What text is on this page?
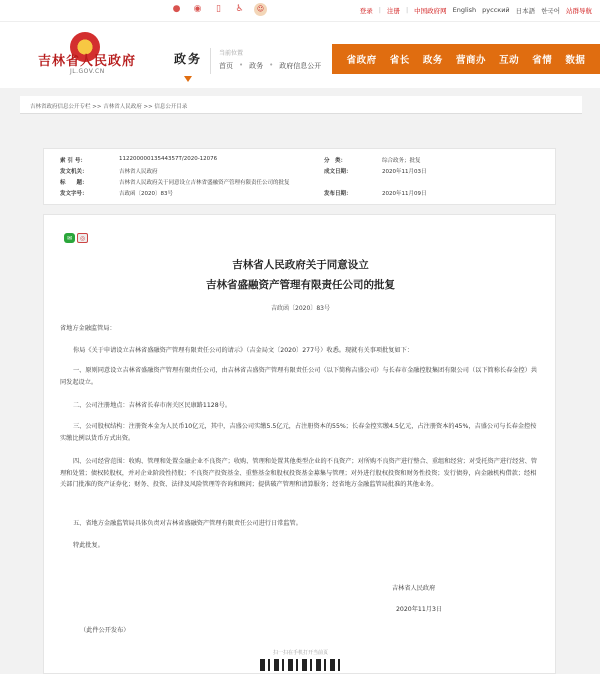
● ◉	▯	♿	☺	登录 | 注册 | 中国政府网 English русский 日本語 한국어 站群导航
吉林省人民政府
JL.GOV.CN
政务	当前位置
首页 • 政务 • 政府信息公开	省政府 省长 政务 营商办 互动 省情 数据
吉林省政府信息公开专栏 >> 吉林省人民政府 >> 信息公开目录
索 引 号：	11220000013544357T/2020-12076	分　类：	综合政务；批复
发文机关：	吉林省人民政府	成文日期：	2020年11月03日
标　　题：	吉林省人民政府关于同意设立吉林省盛融资产管理有限责任公司的批复
发文字号：	吉政函〔2020〕83号	发布日期：	2020年11月09日
✉	◎
吉林省人民政府关于同意设立
吉林省盛融资产管理有限责任公司的批复
吉政函〔2020〕83号
省地方金融监管局：
你局《关于申请设立吉林省盛融资产管理有限责任公司的请示》（吉金局文〔2020〕277号）收悉。现就有关事项批复如下：
一、原则同意设立吉林省盛融资产管理有限责任公司，由吉林省吉盛资产管理有限责任公司（以下简称吉盛公司）与长春市金融控股集团有限公司（以下简称长春金控）共同发起设立。
二、公司注册地点：吉林省长春市南关区民康路1128号。
三、公司股权结构：注册资本金为人民币10亿元，其中，吉盛公司实缴5.5亿元，占注册资本的55%；长春金控实缴4.5亿元，占注册资本的45%，吉盛公司与长春金控按实缴比例以货币方式出资。
四、公司经营范围：收购、管理和处置金融企业不良资产；收购、管理和处置其他类型企业的不良资产；对所购不良资产进行整合、重组和经营；对受托资产进行经营、管理和处置；债权转股权，并对企业阶段性持股；不良资产投资基金、重整基金和股权投资基金募集与管理；对外进行股权投资和财务性投资；发行债券，向金融机构借款；经相关部门批准的资产证券化；财务、投资、法律及风险管理等咨询和顾问；提供破产管理和清算服务；经省地方金融监管局批准的其他业务。
五、省地方金融监管局具体负责对吉林省盛融资产管理有限责任公司进行日常监管。
特此批复。
吉林省人民政府
2020年11月3日
（此件公开发布）
扫一扫在手机打开当前页
